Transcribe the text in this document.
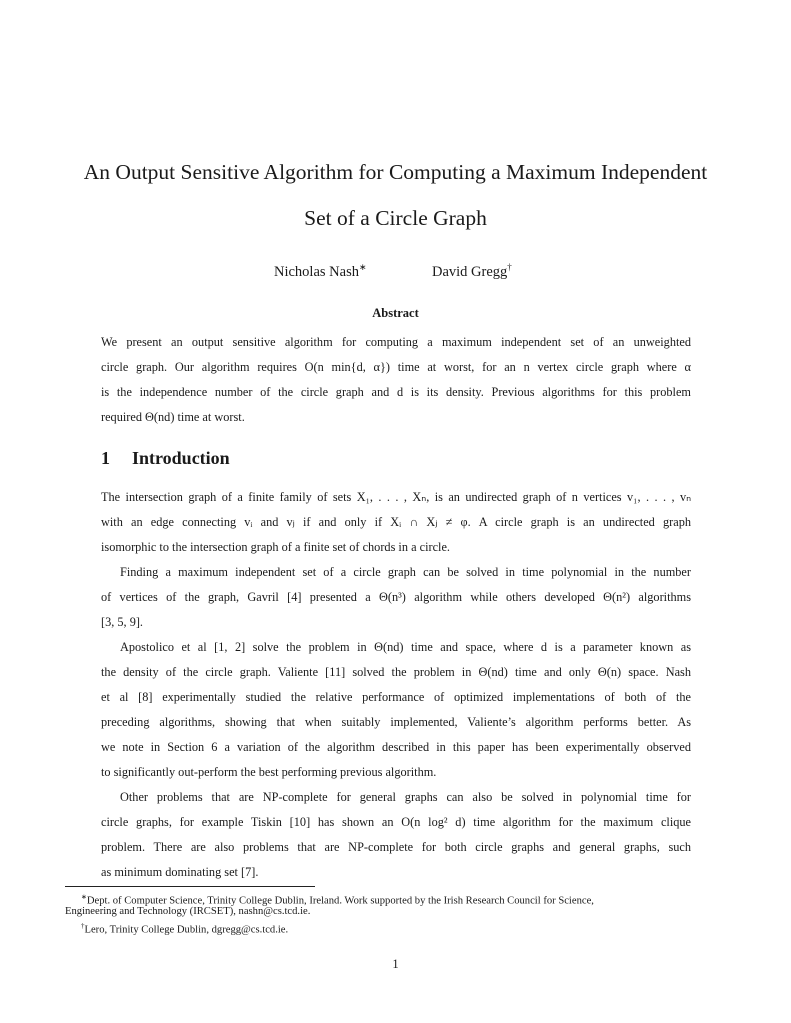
An Output Sensitive Algorithm for Computing a Maximum Independent
Set of a Circle Graph
Nicholas Nash∗	David Gregg†
Abstract
We present an output sensitive algorithm for computing a maximum independent set of an unweighted
circle graph. Our algorithm requires O(n min{d, α}) time at worst, for an n vertex circle graph where α
is the independence number of the circle graph and d is its density. Previous algorithms for this problem
required Θ(nd) time at worst.
1 Introduction
The intersection graph of a finite family of sets X₁, . . . , Xₙ, is an undirected graph of n vertices v₁, . . . , vₙ
with an edge connecting vᵢ and vⱼ if and only if Xᵢ ∩ Xⱼ ≠ φ. A circle graph is an undirected graph
isomorphic to the intersection graph of a finite set of chords in a circle.
Finding a maximum independent set of a circle graph can be solved in time polynomial in the number
of vertices of the graph, Gavril [4] presented a Θ(n³) algorithm while others developed Θ(n²) algorithms
[3, 5, 9].
Apostolico et al [1, 2] solve the problem in Θ(nd) time and space, where d is a parameter known as
the density of the circle graph. Valiente [11] solved the problem in Θ(nd) time and only Θ(n) space. Nash
et al [8] experimentally studied the relative performance of optimized implementations of both of the
preceding algorithms, showing that when suitably implemented, Valiente’s algorithm performs better. As
we note in Section 6 a variation of the algorithm described in this paper has been experimentally observed
to significantly out-perform the best performing previous algorithm.
Other problems that are NP-complete for general graphs can also be solved in polynomial time for
circle graphs, for example Tiskin [10] has shown an O(n log² d) time algorithm for the maximum clique
problem. There are also problems that are NP-complete for both circle graphs and general graphs, such
as minimum dominating set [7].
∗Dept. of Computer Science, Trinity College Dublin, Ireland. Work supported by the Irish Research Council for Science,
Engineering and Technology (IRCSET), nashn@cs.tcd.ie.
†Lero, Trinity College Dublin, dgregg@cs.tcd.ie.
1
